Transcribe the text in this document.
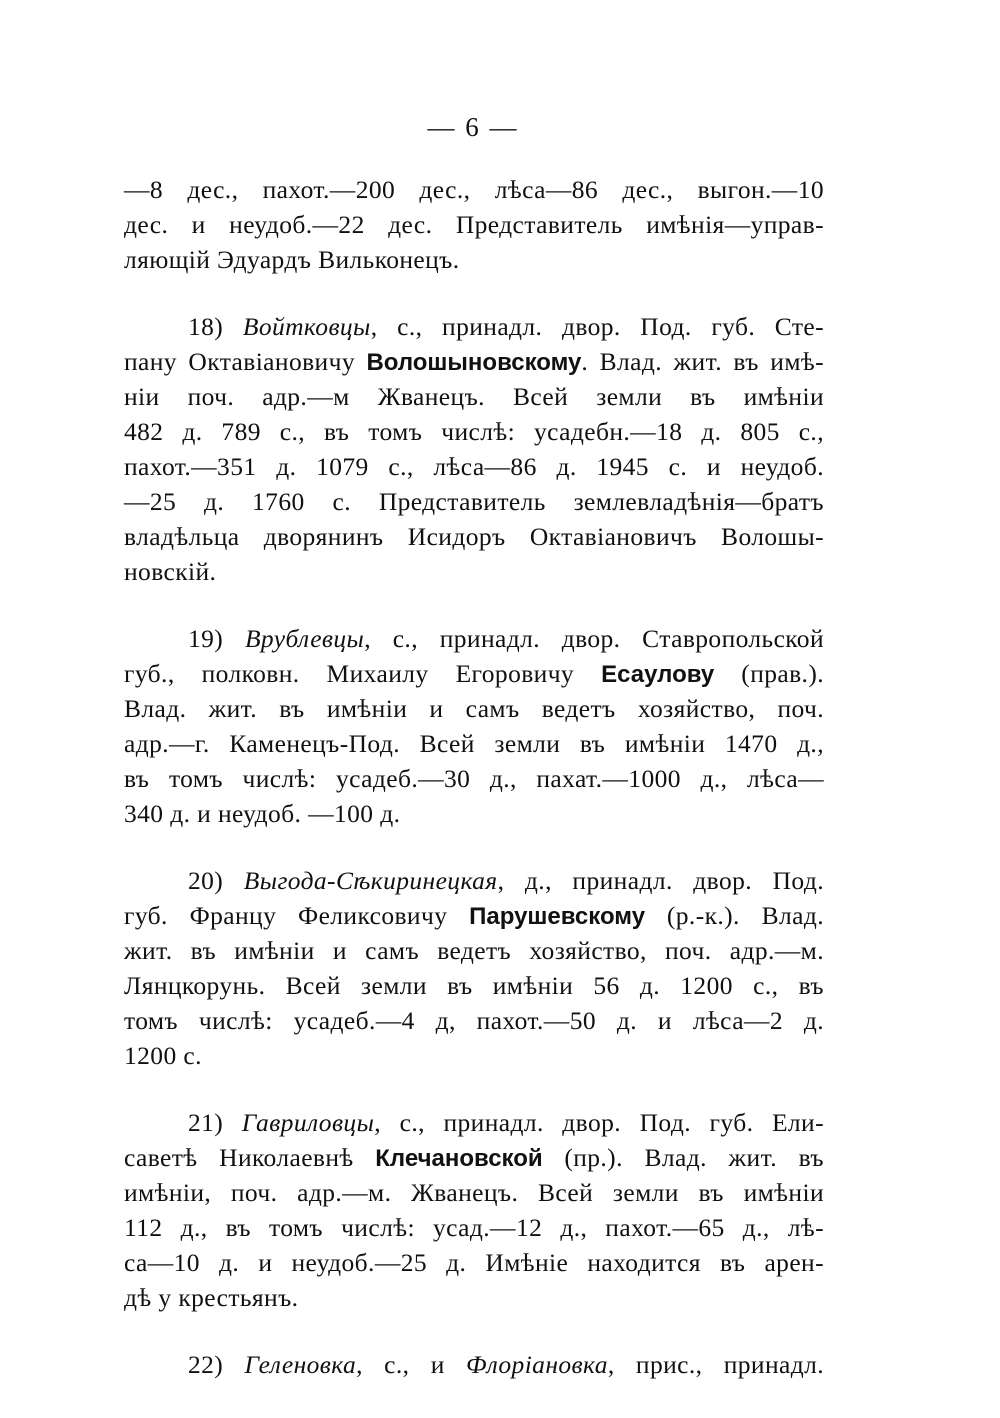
— 6 —
—8 дес., пахот.—200 дес., лѣса—86 дес., выгон.—10
дес. и неудоб.—22 дес. Представитель имѣнія—управ-
ляющій Эдуардъ Вильконецъ.
18) Войтковцы, с., принадл. двор. Под. губ. Сте-
пану Октавіановичу Волошыновскому. Влад. жит. въ имѣ-
ніи поч. адр.—м Жванецъ. Всей земли въ имѣніи
482 д. 789 с., въ томъ числѣ: усадебн.—18 д. 805 с.,
пахот.—351 д. 1079 с., лѣса—86 д. 1945 с. и неудоб.
—25 д. 1760 с. Представитель землевладѣнія—братъ
владѣльца дворянинъ Исидоръ Октавіановичъ Волошы-
новскій.
19) Врублевцы, с., принадл. двор. Ставропольской
губ., полковн. Михаилу Егоровичу Есаулову (прав.).
Влад. жит. въ имѣніи и самъ ведетъ хозяйство, поч.
адр.—г. Каменецъ-Под. Всей земли въ имѣніи 1470 д.,
въ томъ числѣ: усадеб.—30 д., пахат.—1000 д., лѣса—
340 д. и неудоб. —100 д.
20) Выгода-Сѣкиринецкая, д., принадл. двор. Под.
губ. Францу Феликсовичу Парушевскому (р.-к.). Влад.
жит. въ имѣніи и самъ ведетъ хозяйство, поч. адр.—м.
Лянцкорунь. Всей земли въ имѣніи 56 д. 1200 с., въ
томъ числѣ: усадеб.—4 д, пахот.—50 д. и лѣса—2 д.
1200 с.
21) Гавриловцы, с., принадл. двор. Под. губ. Ели-
саветѣ Николаевнѣ Клечановской (пр.). Влад. жит. въ
имѣніи, поч. адр.—м. Жванецъ. Всей земли въ имѣніи
112 д., въ томъ числѣ: усад.—12 д., пахот.—65 д., лѣ-
са—10 д. и неудоб.—25 д. Имѣніе находится въ арен-
дѣ у крестьянъ.
22) Геленовка, с., и Флоріановка, прис., принадл.
